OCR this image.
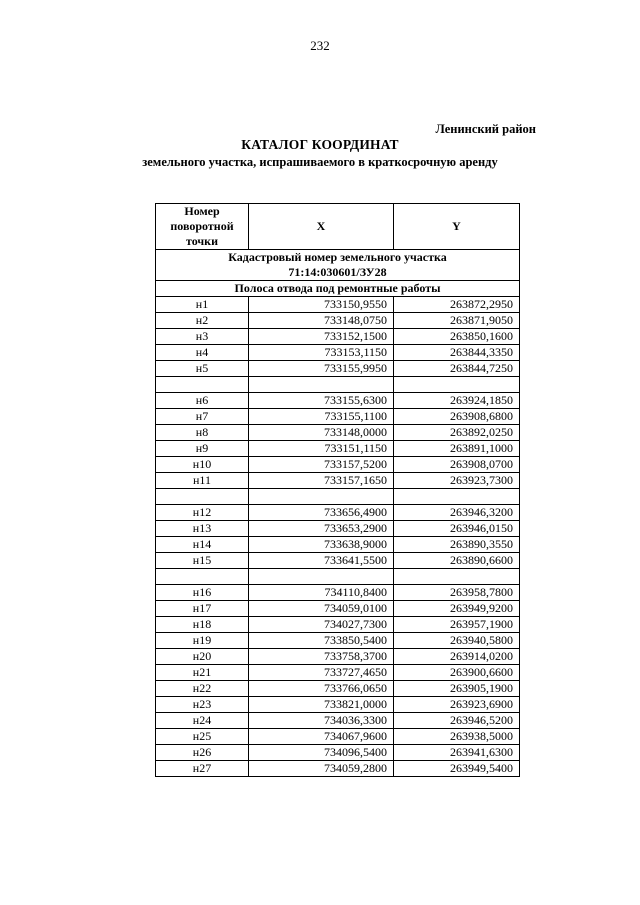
232
Ленинский район
КАТАЛОГ КООРДИНАТ
земельного участка, испрашиваемого в краткосрочную аренду
Номер поворотной точки	X	Y
Кадастровый номер земельного участка
71:14:030601/ЗУ28		
Полоса отвода под ремонтные работы		
н1	733150,9550	263872,2950
н2	733148,0750	263871,9050
н3	733152,1500	263850,1600
н4	733153,1150	263844,3350
н5	733155,9950	263844,7250

н6	733155,6300	263924,1850
н7	733155,1100	263908,6800
н8	733148,0000	263892,0250
н9	733151,1150	263891,1000
н10	733157,5200	263908,0700
н11	733157,1650	263923,7300

н12	733656,4900	263946,3200
н13	733653,2900	263946,0150
н14	733638,9000	263890,3550
н15	733641,5500	263890,6600

н16	734110,8400	263958,7800
н17	734059,0100	263949,9200
н18	734027,7300	263957,1900
н19	733850,5400	263940,5800
н20	733758,3700	263914,0200
н21	733727,4650	263900,6600
н22	733766,0650	263905,1900
н23	733821,0000	263923,6900
н24	734036,3300	263946,5200
н25	734067,9600	263938,5000
н26	734096,5400	263941,6300
н27	734059,2800	263949,5400
